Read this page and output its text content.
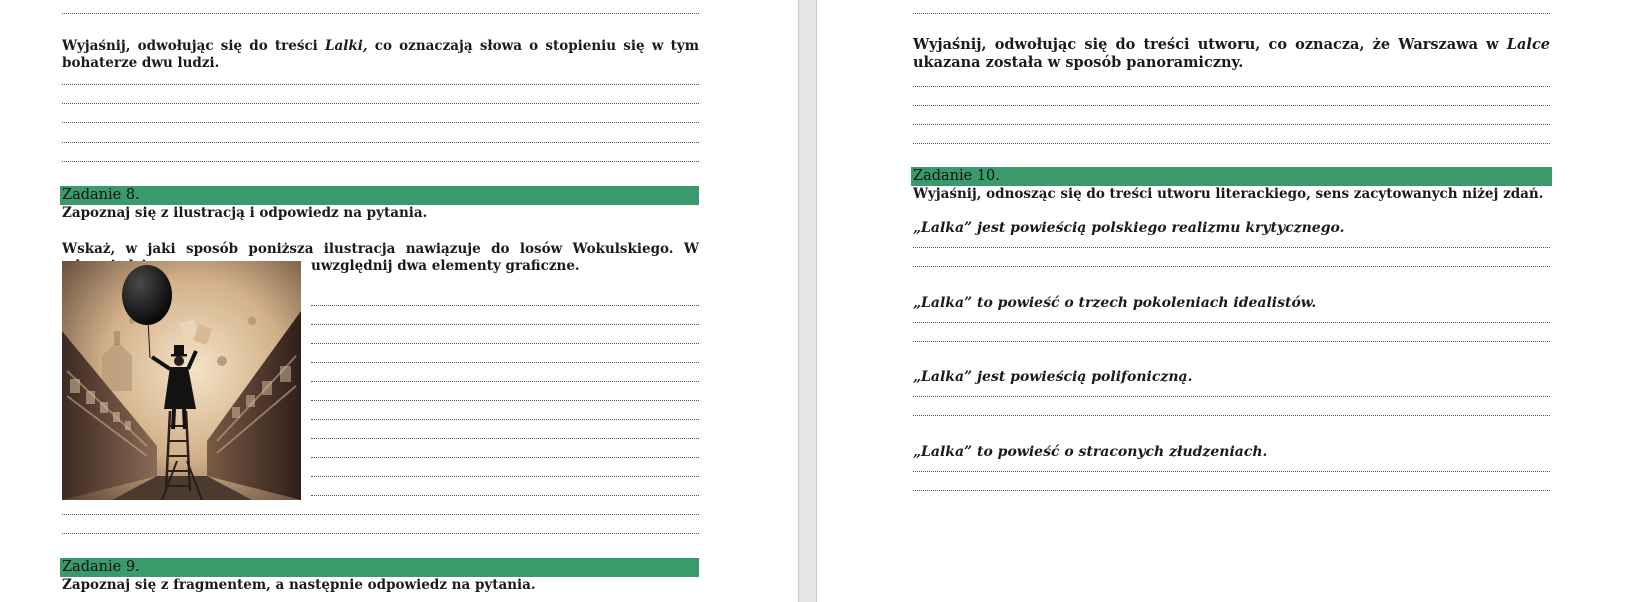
Wyjaśnij, odwołując się do treści Lalki, co oznaczają słowa o stopieniu się w tym bohaterze dwu ludzi.
Zadanie 8.
Zapoznaj się z ilustracją i odpowiedz na pytania.
Wskaż, w jaki sposób poniższa ilustracja nawiązuje do losów Wokulskiego. W
uwzględnij dwa elementy graficzne.
Zadanie 9.
Zapoznaj się z fragmentem, a następnie odpowiedz na pytania.
Wyjaśnij, odwołując się do treści utworu, co oznacza, że Warszawa w Lalce ukazana została w sposób panoramiczny.
Zadanie 10.
Wyjaśnij, odnosząc się do treści utworu literackiego, sens zacytowanych niżej zdań.
„Lalka” jest powieścią polskiego realizmu krytycznego.
„Lalka” to powieść o trzech pokoleniach idealistów.
„Lalka” jest powieścią polifoniczną.
„Lalka” to powieść o straconych złudzeniach.
